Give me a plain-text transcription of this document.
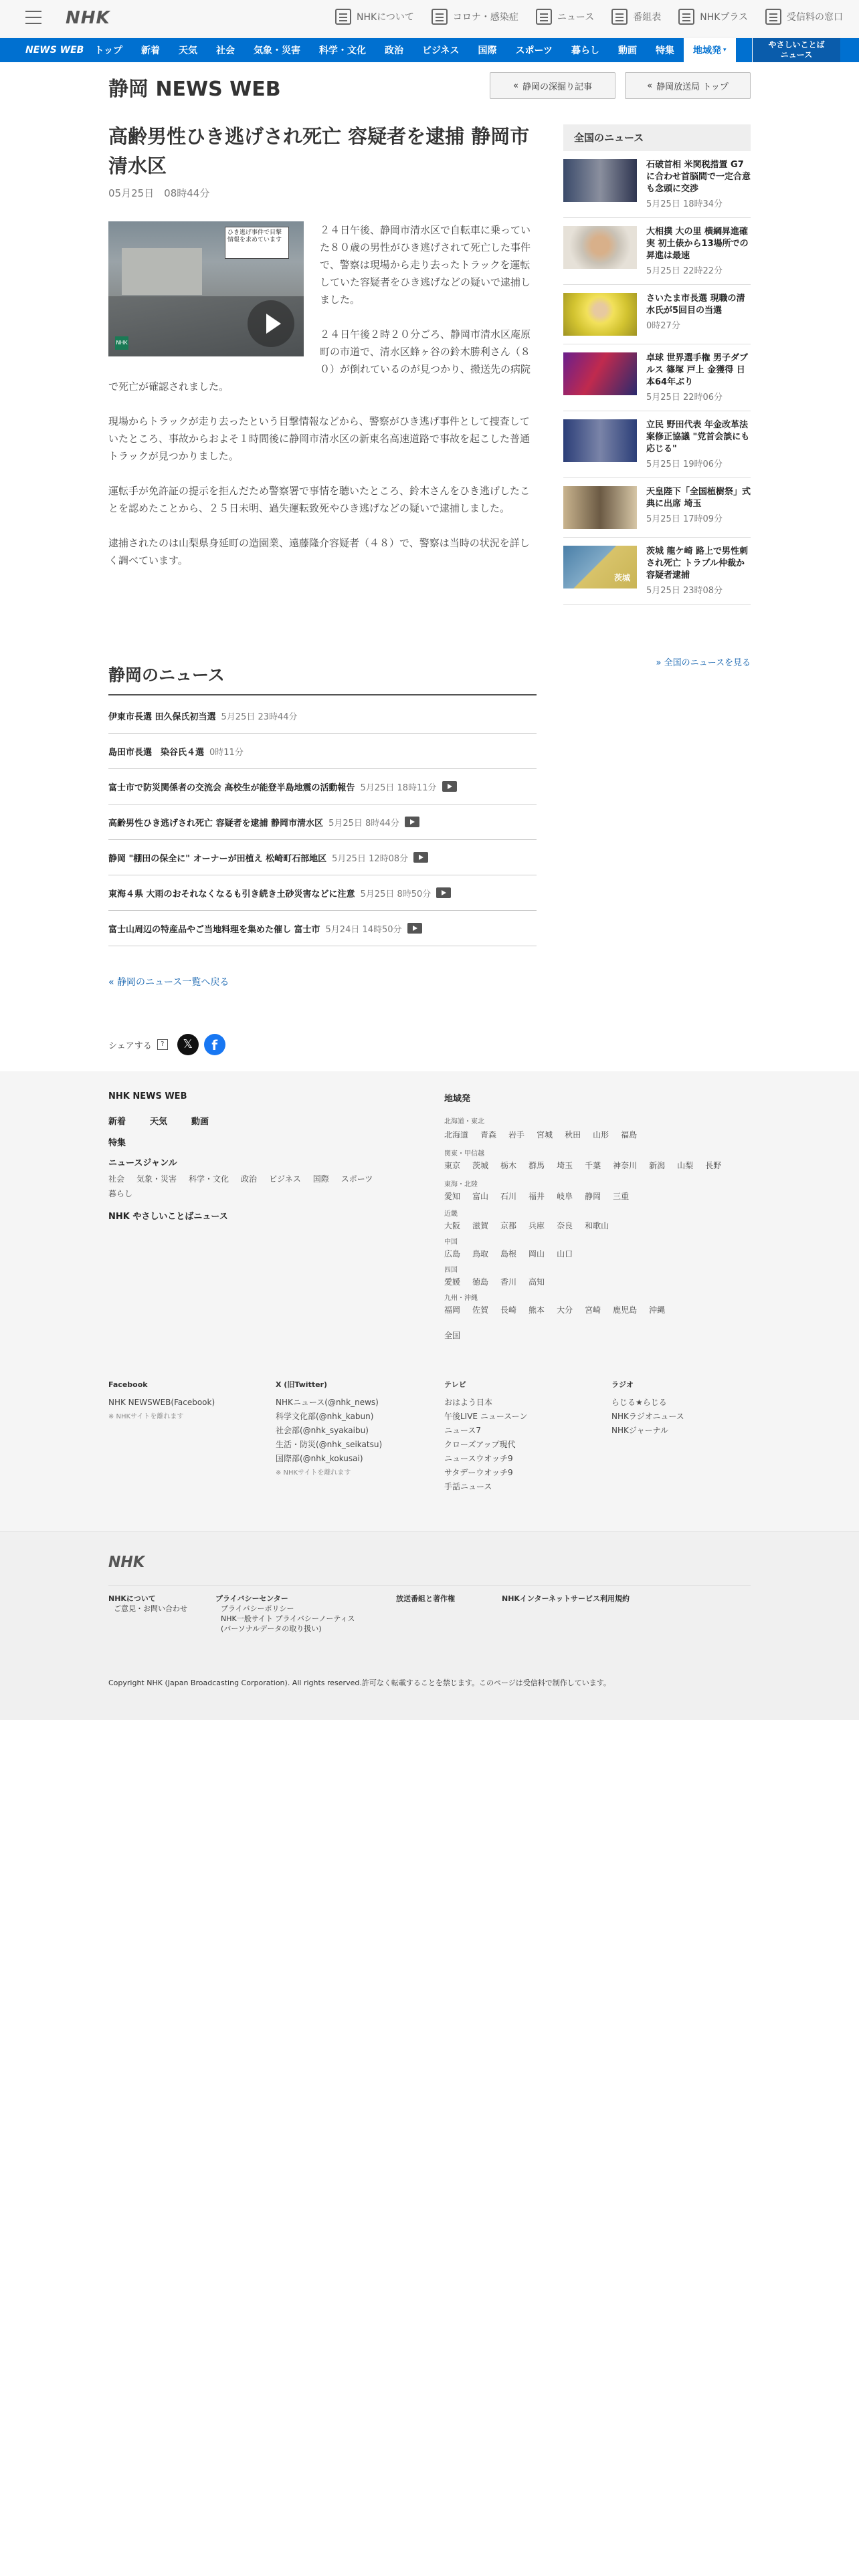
NHK	NHKについて	コロナ・感染症	ニュース	番組表	NHKプラス	受信料の窓口
NEWS WEB	トップ	新着	天気	社会	気象・災害	科学・文化	政治	ビジネス	国際	スポーツ	暮らし	動画	特集	地域発 ▾
やさしいことば
ニュース
静岡 NEWS WEB	« 静岡の深掘り記事	« 静岡放送局 トップ
高齢男性ひき逃げされ死亡 容疑者を逮捕 静岡市清水区
05月25日　08時44分
ひき逃げ事件で目撃 情報を求めています
NHK

２４日午後、静岡市清水区で自転車に乗っていた８０歳の男性がひき逃げされて死亡した事件で、警察は現場から走り去ったトラックを運転していた容疑者をひき逃げなどの疑いで逮捕しました。

２４日午後２時２０分ごろ、静岡市清水区庵原町の市道で、清水区蜂ヶ谷の鈴木勝利さん（８０）が倒れているのが見つかり、搬送先の病院で死亡が確認されました。

現場からトラックが走り去ったという目撃情報などから、警察がひき逃げ事件として捜査していたところ、事故からおよそ１時間後に静岡市清水区の新東名高速道路で事故を起こした普通トラックが見つかりました。

運転手が免許証の提示を拒んだため警察署で事情を聴いたところ、鈴木さんをひき逃げしたことを認めたことから、２５日未明、過失運転致死やひき逃げなどの疑いで逮捕しました。

逮捕されたのは山梨県身延町の造園業、遠藤隆介容疑者（４８）で、警察は当時の状況を詳しく調べています。

静岡のニュース
伊東市長選 田久保氏初当選 5月25日 23時44分
島田市長選　染谷氏４選 0時11分
富士市で防災関係者の交流会 高校生が能登半島地震の活動報告 5月25日 18時11分
高齢男性ひき逃げされ死亡 容疑者を逮捕 静岡市清水区 5月25日 8時44分
静岡 "棚田の保全に" オーナーが田植え 松崎町石部地区 5月25日 12時08分
東海４県 大雨のおそれなくなるも引き続き土砂災害などに注意 5月25日 8時50分
富士山周辺の特産品やご当地料理を集めた催し 富士市 5月24日 14時50分
« 静岡のニュース一覧へ戻る
シェアする	?	𝕏	f
全国のニュース
石破首相 米関税措置 G7に合わせ首脳間で一定合意も念頭に交渉
5月25日 18時34分
大相撲 大の里 横綱昇進確実 初土俵から13場所での昇進は最速
5月25日 22時22分
さいたま市長選 現職の清水氏が5回目の当選
0時27分
卓球 世界選手権 男子ダブルス 篠塚 戸上 金獲得 日本64年ぶり
5月25日 22時06分
立民 野田代表 年金改革法案修正協議 "党首会談にも応じる"
5月25日 19時06分
天皇陛下「全国植樹祭」式典に出席 埼玉
5月25日 17時09分
茨城
茨城 龍ケ崎 路上で男性刺され死亡 トラブル仲裁か 容疑者逮捕
5月25日 23時08分
» 全国のニュースを見る
NHK NEWS WEB
新着	天気	動画
特集
ニュースジャンル
社会 気象・災害 科学・文化 政治 ビジネス 国際 スポーツ
暮らし
NHK やさしいことばニュース
地域発
北海道・東北
北海道 青森 岩手 宮城 秋田 山形 福島
関東・甲信越
東京 茨城 栃木 群馬 埼玉 千葉 神奈川 新潟 山梨 長野
東海・北陸
愛知 富山 石川 福井 岐阜 静岡 三重
近畿
大阪 滋賀 京都 兵庫 奈良 和歌山
中国
広島 鳥取 島根 岡山 山口
四国
愛媛 徳島 香川 高知
九州・沖縄
福岡 佐賀 長崎 熊本 大分 宮崎 鹿児島 沖縄
全国
Facebook
NHK NEWSWEB(Facebook)
※ NHKサイトを離れます
X (旧Twitter)
NHKニュース(@nhk_news)
科学文化部(@nhk_kabun)
社会部(@nhk_syakaibu)
生活・防災(@nhk_seikatsu)
国際部(@nhk_kokusai)
※ NHKサイトを離れます
テレビ
おはよう日本
午後LIVE ニュースーン
ニュース7
クローズアップ現代
ニュースウオッチ9
サタデーウオッチ9
手話ニュース
ラジオ
らじる★らじる
NHKラジオニュース
NHKジャーナル
NHK
NHKについて
ご意見・お問い合わせ
プライバシーセンター
プライバシーポリシー
NHK一般サイト プライバシーノーティス
(パーソナルデータの取り扱い)
放送番組と著作権	NHKインターネットサービス利用規約
Copyright NHK (Japan Broadcasting Corporation). All rights reserved.許可なく転載することを禁じます。このページは受信料で制作しています。
